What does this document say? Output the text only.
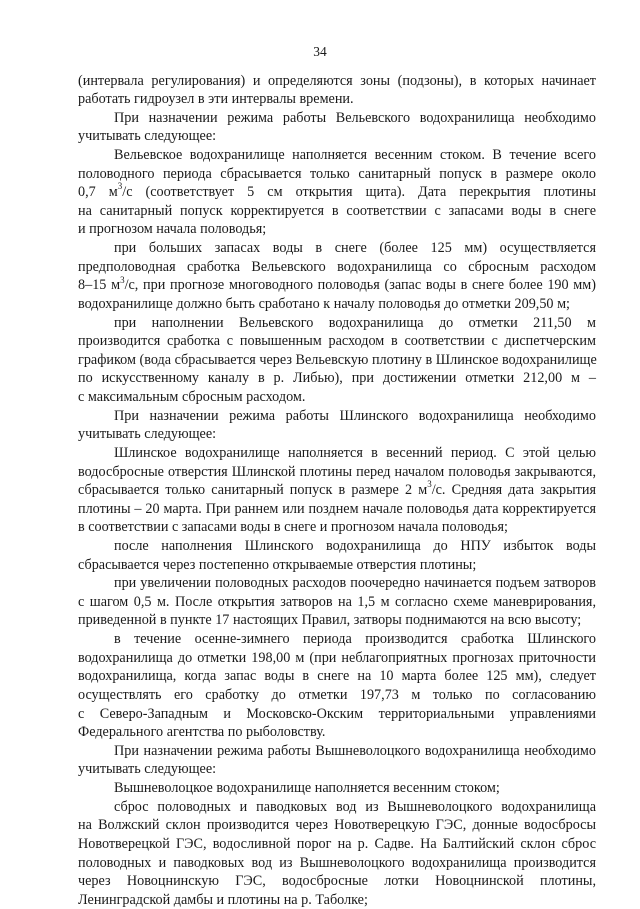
34
(интервала регулирования) и определяются зоны (подзоны), в которых начинает
работать гидроузел в эти интервалы времени.
При назначении режима работы Вельевского водохранилища необходимо
учитывать следующее:
Вельевское водохранилище наполняется весенним стоком. В течение всего
половодного периода сбрасывается только санитарный попуск в размере около
0,7 $м^3/с$ (соответствует 5 см открытия щита). Дата перекрытия плотины
на санитарный попуск корректируется в соответствии с запасами воды в снеге
и прогнозом начала половодья;
при больших запасах воды в снеге (более 125 мм) осуществляется
предполоводная сработка Вельевского водохранилища со сбросным расходом
8–15 $м^3/с$, при прогнозе многоводного половодья (запас воды в снеге более 190 мм)
водохранилище должно быть сработано к началу половодья до отметки 209,50 м;
при наполнении Вельевского водохранилища до отметки 211,50 м
производится сработка с повышенным расходом в соответствии с диспетчерским
графиком (вода сбрасывается через Вельевскую плотину в Шлинское водохранилище
по искусственному каналу в р. Либью), при достижении отметки 212,00 м –
с максимальным сбросным расходом.
При назначении режима работы Шлинского водохранилища необходимо
учитывать следующее:
Шлинское водохранилище наполняется в весенний период. С этой целью
водосбросные отверстия Шлинской плотины перед началом половодья закрываются,
сбрасывается только санитарный попуск в размере 2 $м^3/с$. Средняя дата закрытия
плотины – 20 марта. При раннем или позднем начале половодья дата корректируется
в соответствии с запасами воды в снеге и прогнозом начала половодья;
после наполнения Шлинского водохранилища до НПУ избыток воды
сбрасывается через постепенно открываемые отверстия плотины;
при увеличении половодных расходов поочередно начинается подъем затворов
с шагом 0,5 м. После открытия затворов на 1,5 м согласно схеме маневрирования,
приведенной в пункте 17 настоящих Правил, затворы поднимаются на всю высоту;
в течение осенне-зимнего периода производится сработка Шлинского
водохранилища до отметки 198,00 м (при неблагоприятных прогнозах приточности
водохранилища, когда запас воды в снеге на 10 марта более 125 мм), следует
осуществлять его сработку до отметки 197,73 м только по согласованию
с Северо-Западным и Московско-Окским территориальными управлениями
Федерального агентства по рыболовству.
При назначении режима работы Вышневолоцкого водохранилища необходимо
учитывать следующее:
Вышневолоцкое водохранилище наполняется весенним стоком;
сброс половодных и паводковых вод из Вышневолоцкого водохранилища
на Волжский склон производится через Новотверецкую ГЭС, донные водосбросы
Новотверецкой ГЭС, водосливной порог на р. Садве. На Балтийский склон сброс
половодных и паводковых вод из Вышневолоцкого водохранилища производится
через Новоцнинскую ГЭС, водосбросные лотки Новоцнинской плотины,
Ленинградской дамбы и плотины на р. Таболке;
